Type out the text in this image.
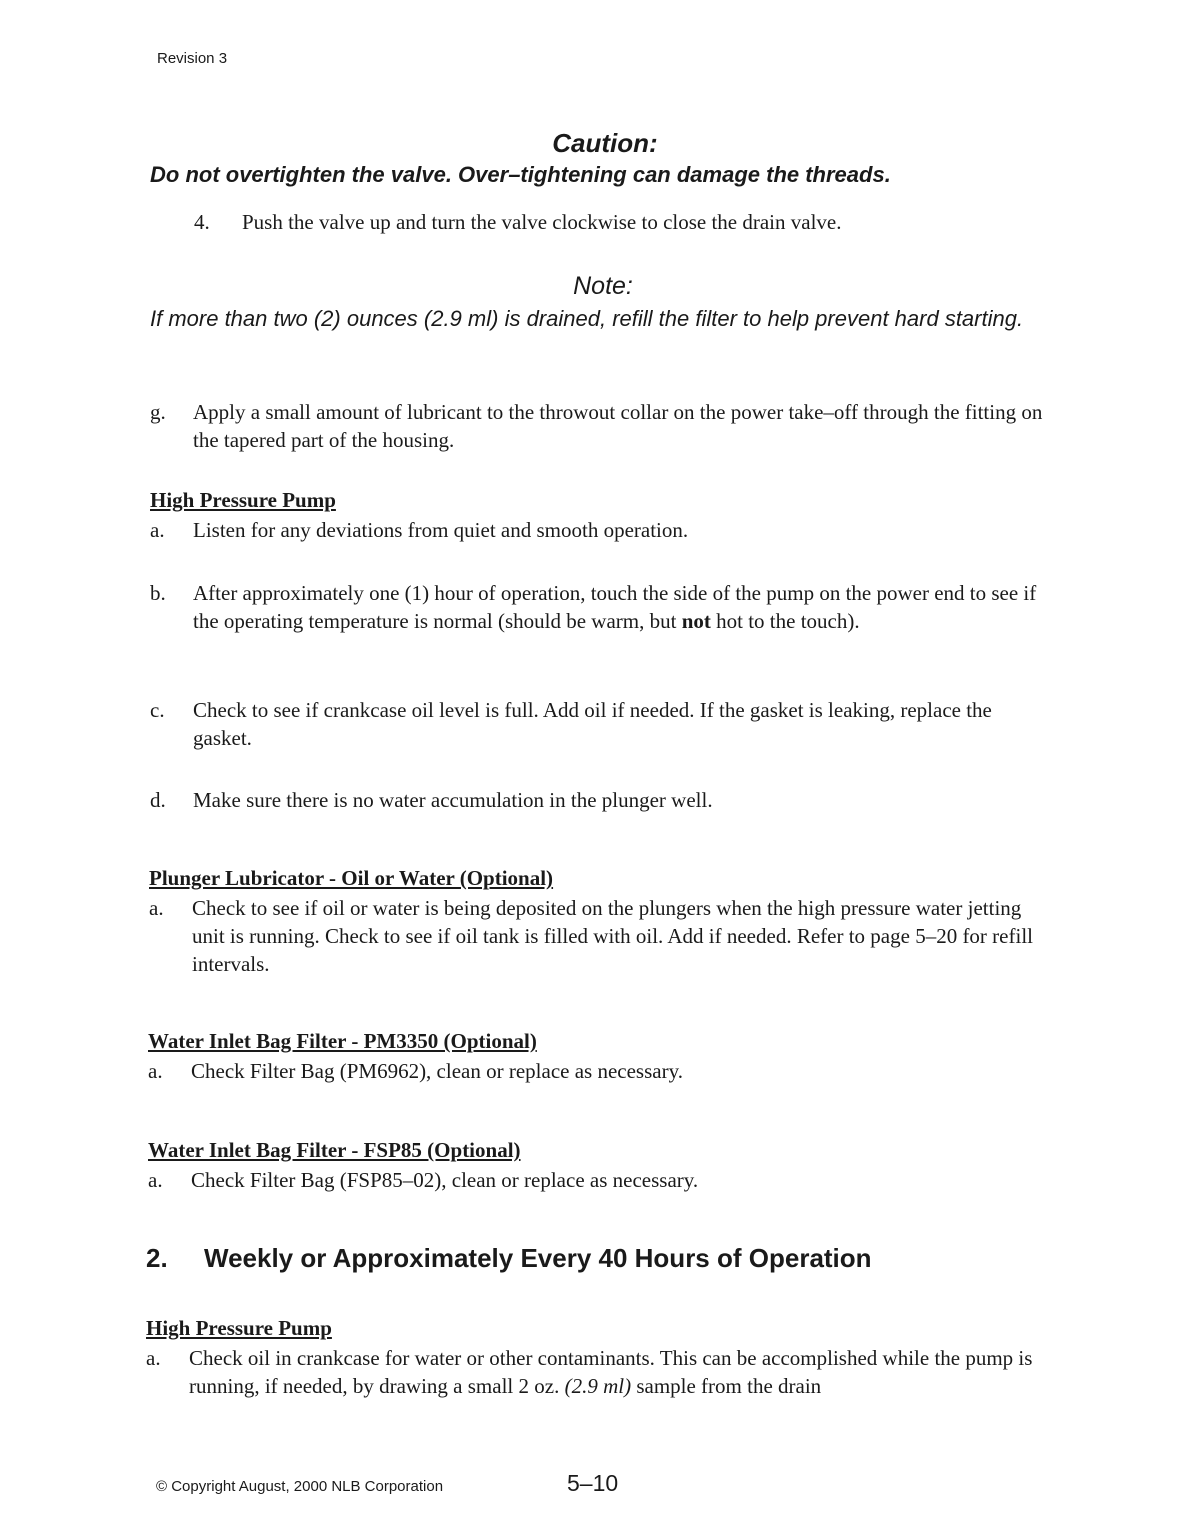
Revision 3
Caution:
Do not overtighten the valve. Over–tightening can damage the threads.
4. Push the valve up and turn the valve clockwise to close the drain valve.
Note:
If more than two (2) ounces (2.9 ml) is drained, refill the filter to help prevent hard starting.
g. Apply a small amount of lubricant to the throwout collar on the power take–off through the fitting on the tapered part of the housing.
High Pressure Pump
a. Listen for any deviations from quiet and smooth operation.
b. After approximately one (1) hour of operation, touch the side of the pump on the power end to see if the operating temperature is normal (should be warm, but not hot to the touch).
c. Check to see if crankcase oil level is full. Add oil if needed. If the gasket is leaking, replace the gasket.
d. Make sure there is no water accumulation in the plunger well.
Plunger Lubricator - Oil or Water (Optional)
a. Check to see if oil or water is being deposited on the plungers when the high pressure water jetting unit is running. Check to see if oil tank is filled with oil. Add if needed. Refer to page 5–20 for refill intervals.
Water Inlet Bag Filter - PM3350 (Optional)
a. Check Filter Bag (PM6962), clean or replace as necessary.
Water Inlet Bag Filter - FSP85 (Optional)
a. Check Filter Bag (FSP85–02), clean or replace as necessary.
2. Weekly or Approximately Every 40 Hours of Operation
High Pressure Pump
a. Check oil in crankcase for water or other contaminants. This can be accomplished while the pump is running, if needed, by drawing a small 2 oz. (2.9 ml) sample from the drain
© Copyright August, 2000 NLB Corporation	5–10
